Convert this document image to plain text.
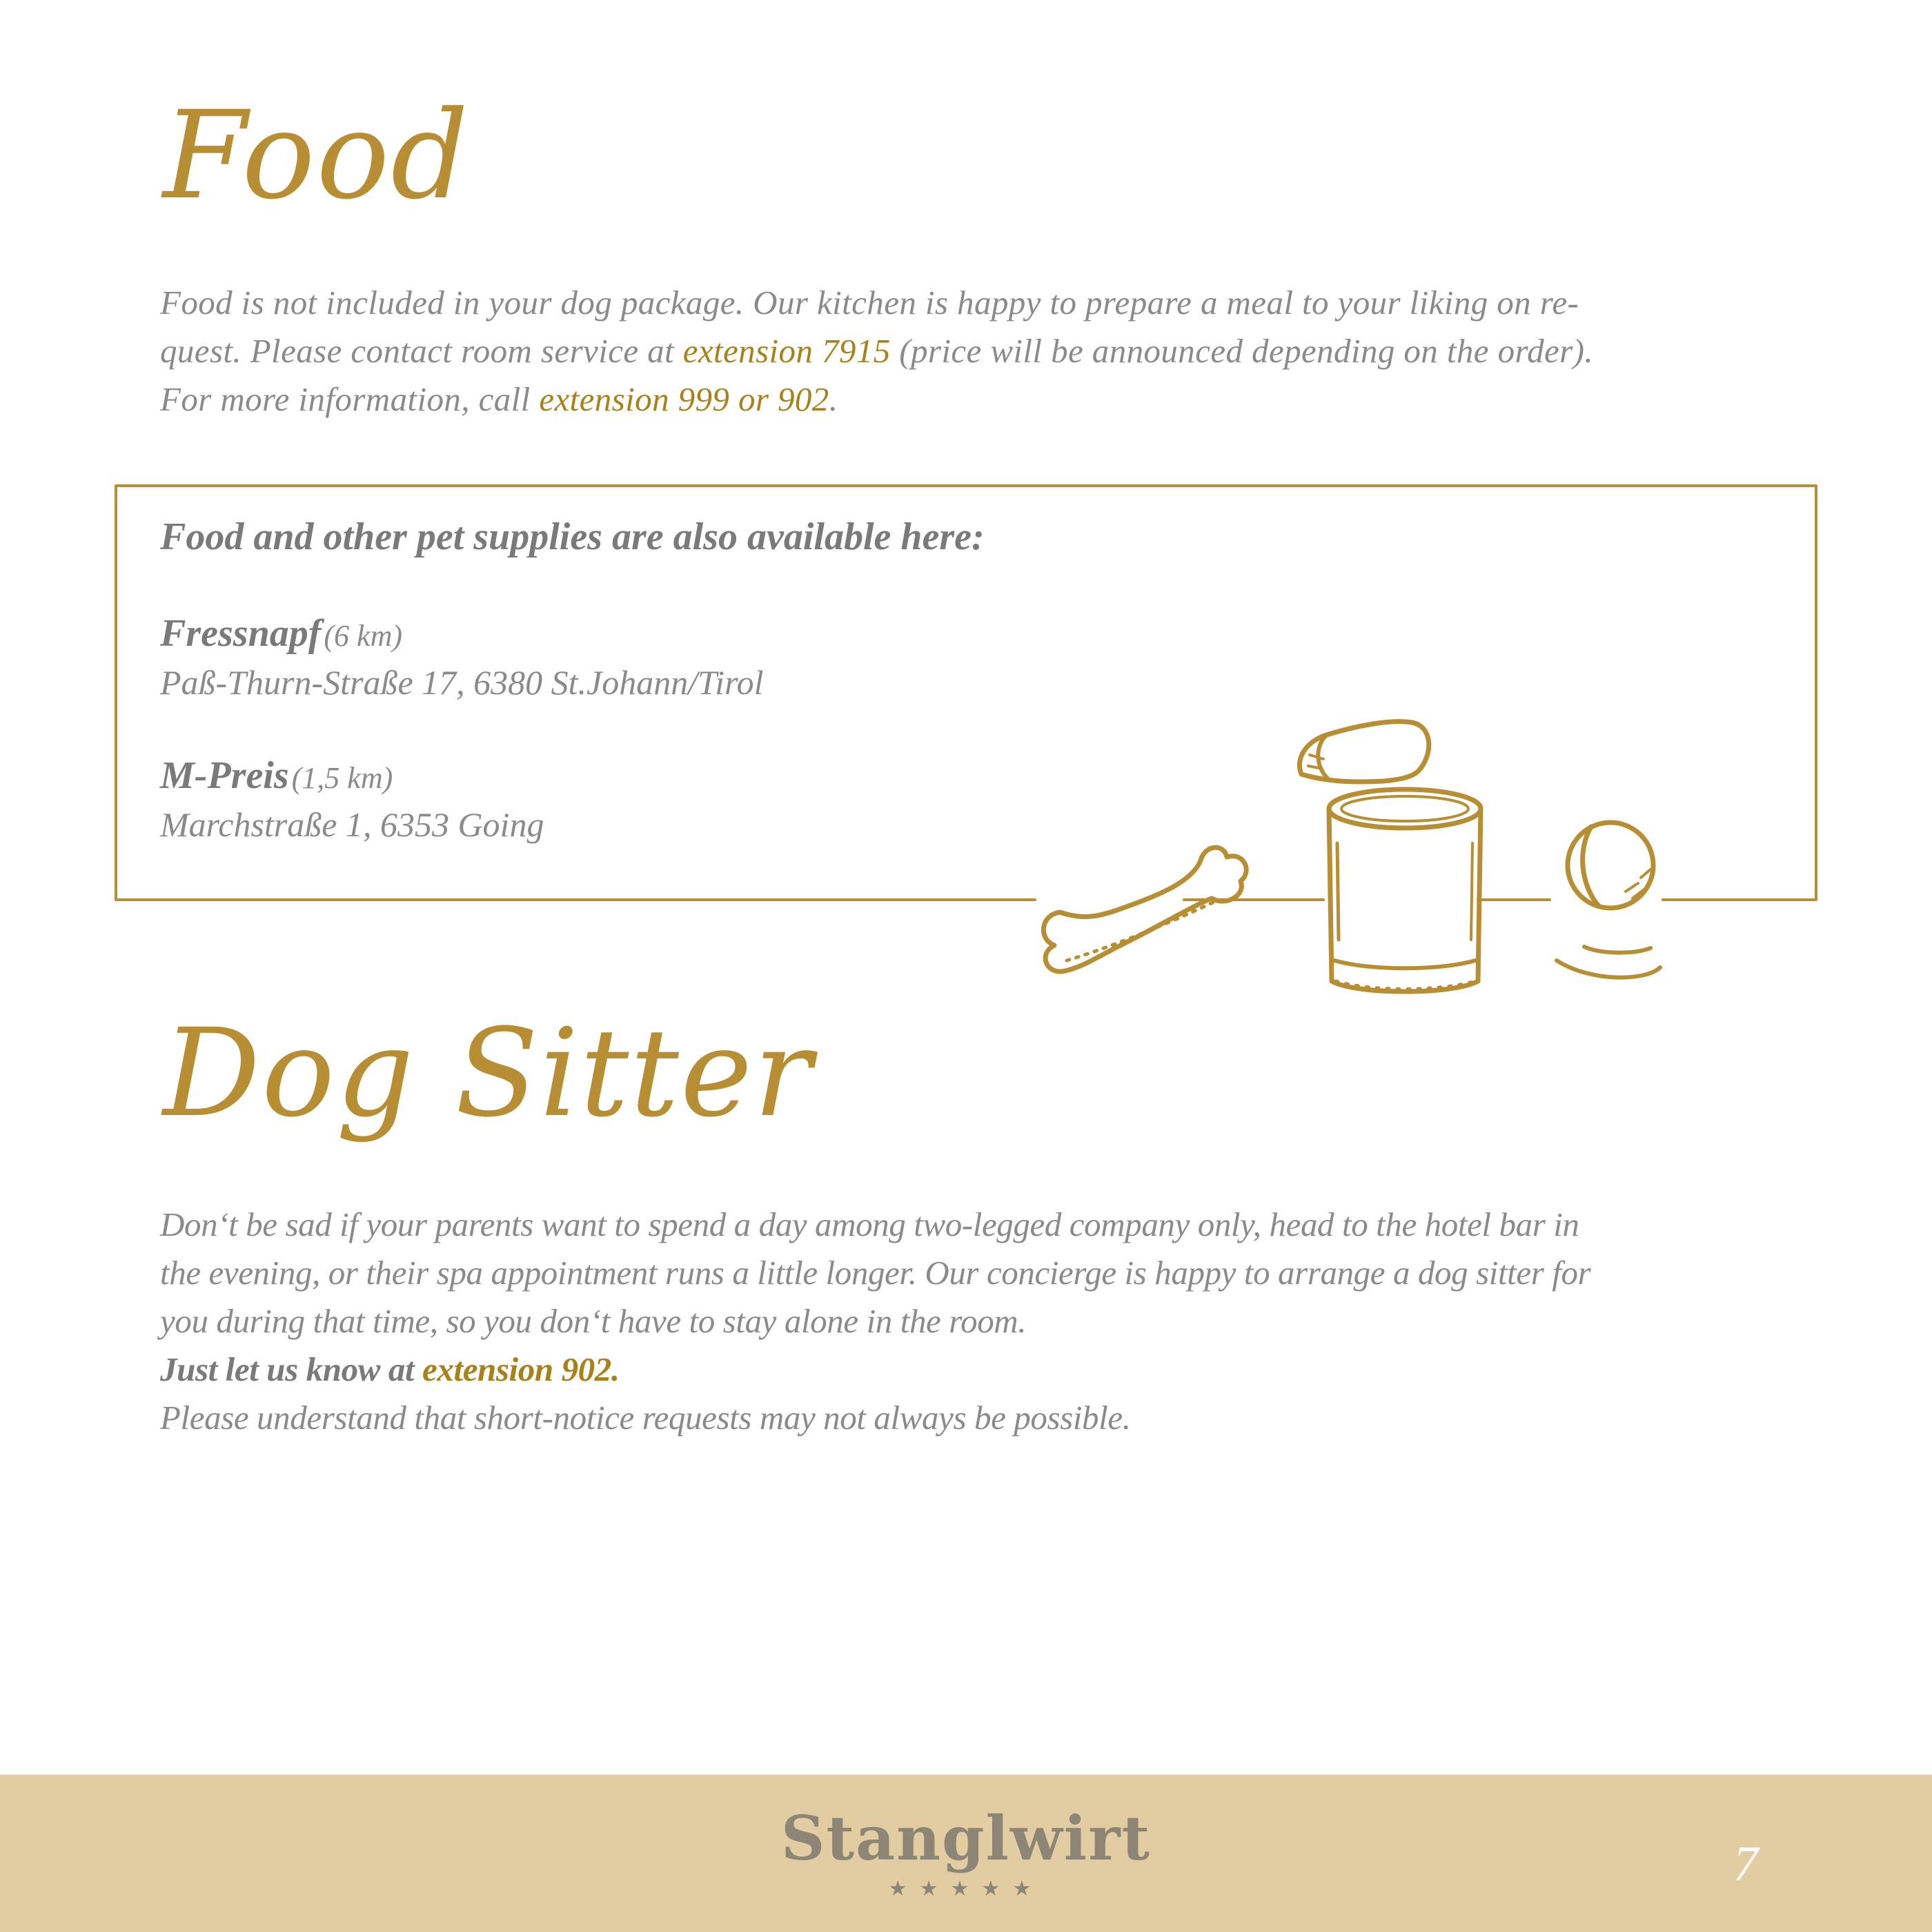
Food

Food is not included in your dog package. Our kitchen is happy to prepare a meal to your liking on re-
quest. Please contact room service at extension 7915 (price will be announced depending on the order).
For more information, call extension 999 or 902.

Food and other pet supplies are also available here:
Fressnapf (6 km)
Paß-Thurn-Straße 17, 6380 St.Johann/Tirol
M-Preis (1,5 km)
Marchstraße 1, 6353 Going
Dog Sitter

Don‘t be sad if your parents want to spend a day among two-legged company only, head to the hotel bar in
the evening, or their spa appointment runs a little longer. Our concierge is happy to arrange a dog sitter for
you during that time, so you don‘t have to stay alone in the room.
Just let us know at extension 902.
Please understand that short-notice requests may not always be possible.

Stanglwirt
★★★★★	7
